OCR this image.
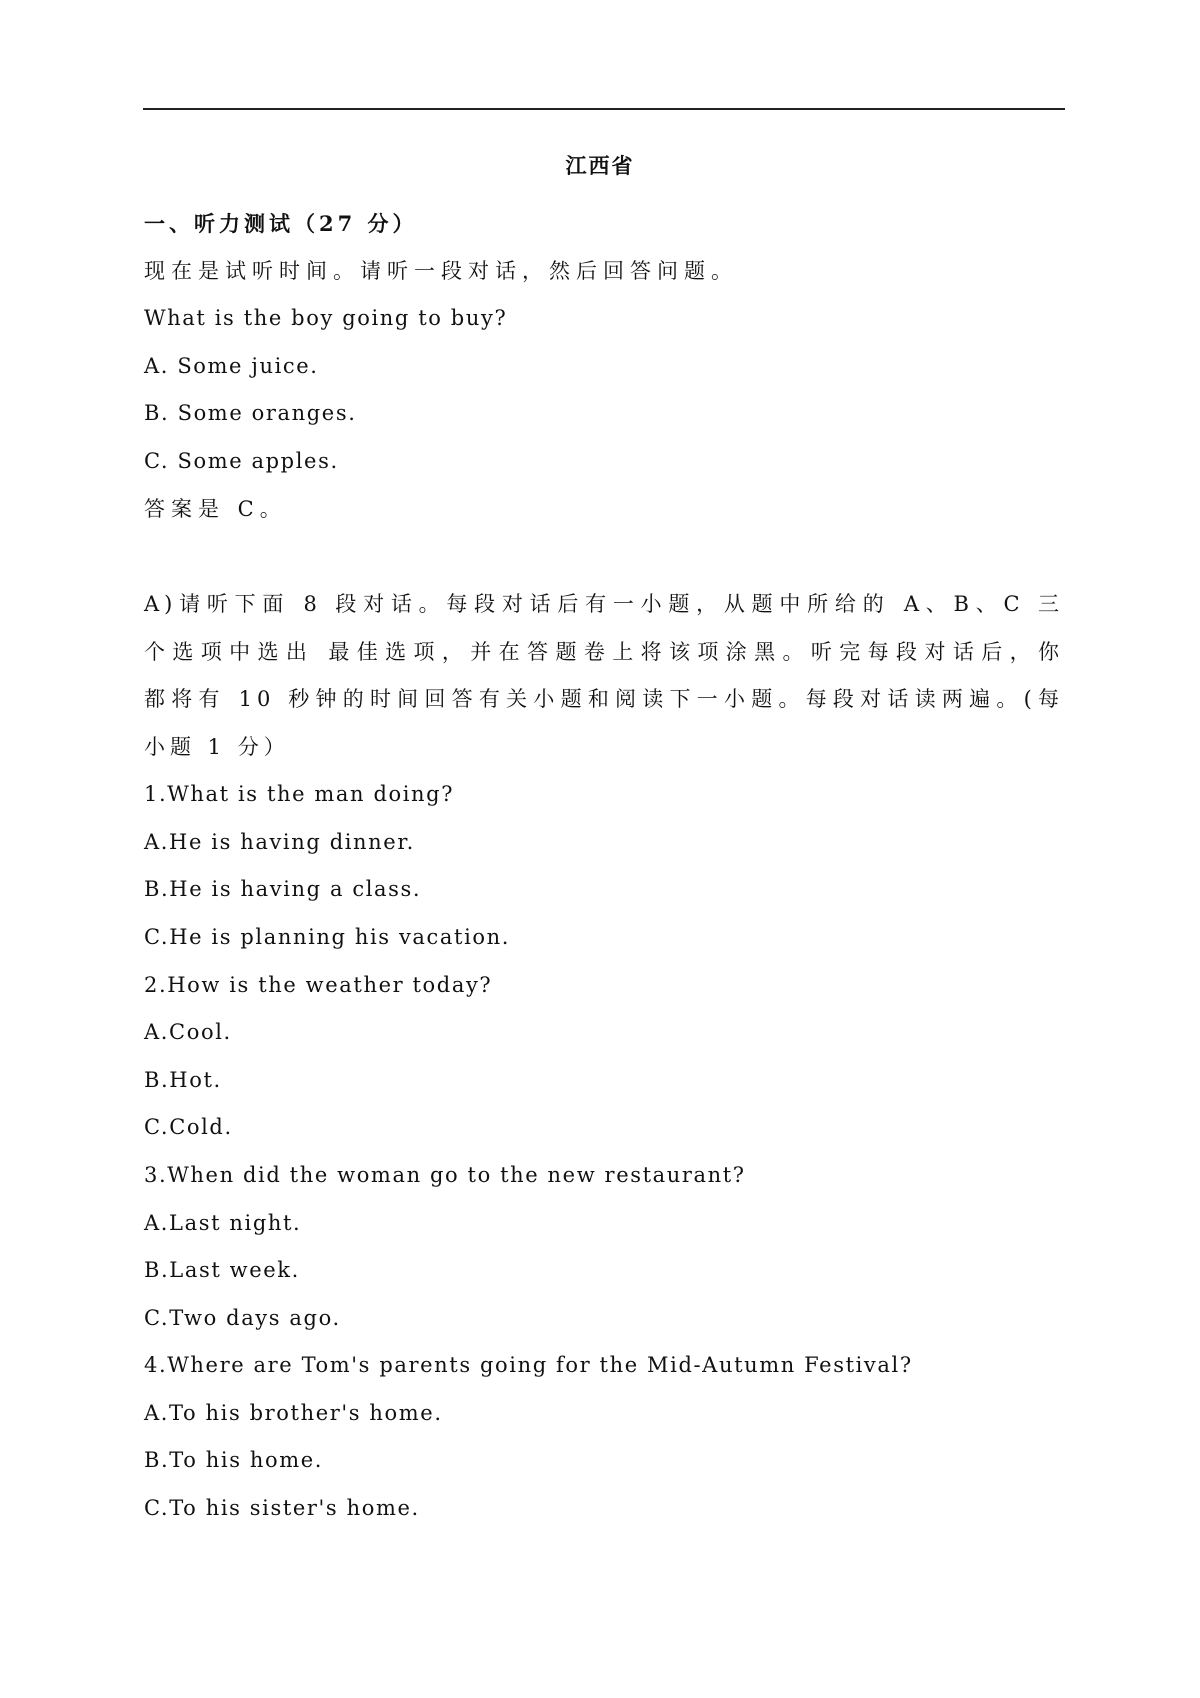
江西省
一、听力测试（27 分）
现在是试听时间。请听一段对话，然后回答问题。
What is the boy going to buy?
A. Some juice.
B. Some oranges.
C. Some apples.
答案是 C。
A)请听下面 8 段对话。每段对话后有一小题，从题中所给的 A、B、C 三
个选项中选出 最佳选项，并在答题卷上将该项涂黑。听完每段对话后，你
都将有 10 秒钟的时间回答有关小题和阅读下一小题。每段对话读两遍。(每
小题 1 分）
1.What is the man doing?
A.He is having dinner.
B.He is having a class.
C.He is planning his vacation.
2.How is the weather today?
A.Cool.
B.Hot.
C.Cold.
3.When did the woman go to the new restaurant?
A.Last night.
B.Last week.
C.Two days ago.
4.Where are Tom's parents going for the Mid-Autumn Festival?
A.To his brother's home.
B.To his home.
C.To his sister's home.
